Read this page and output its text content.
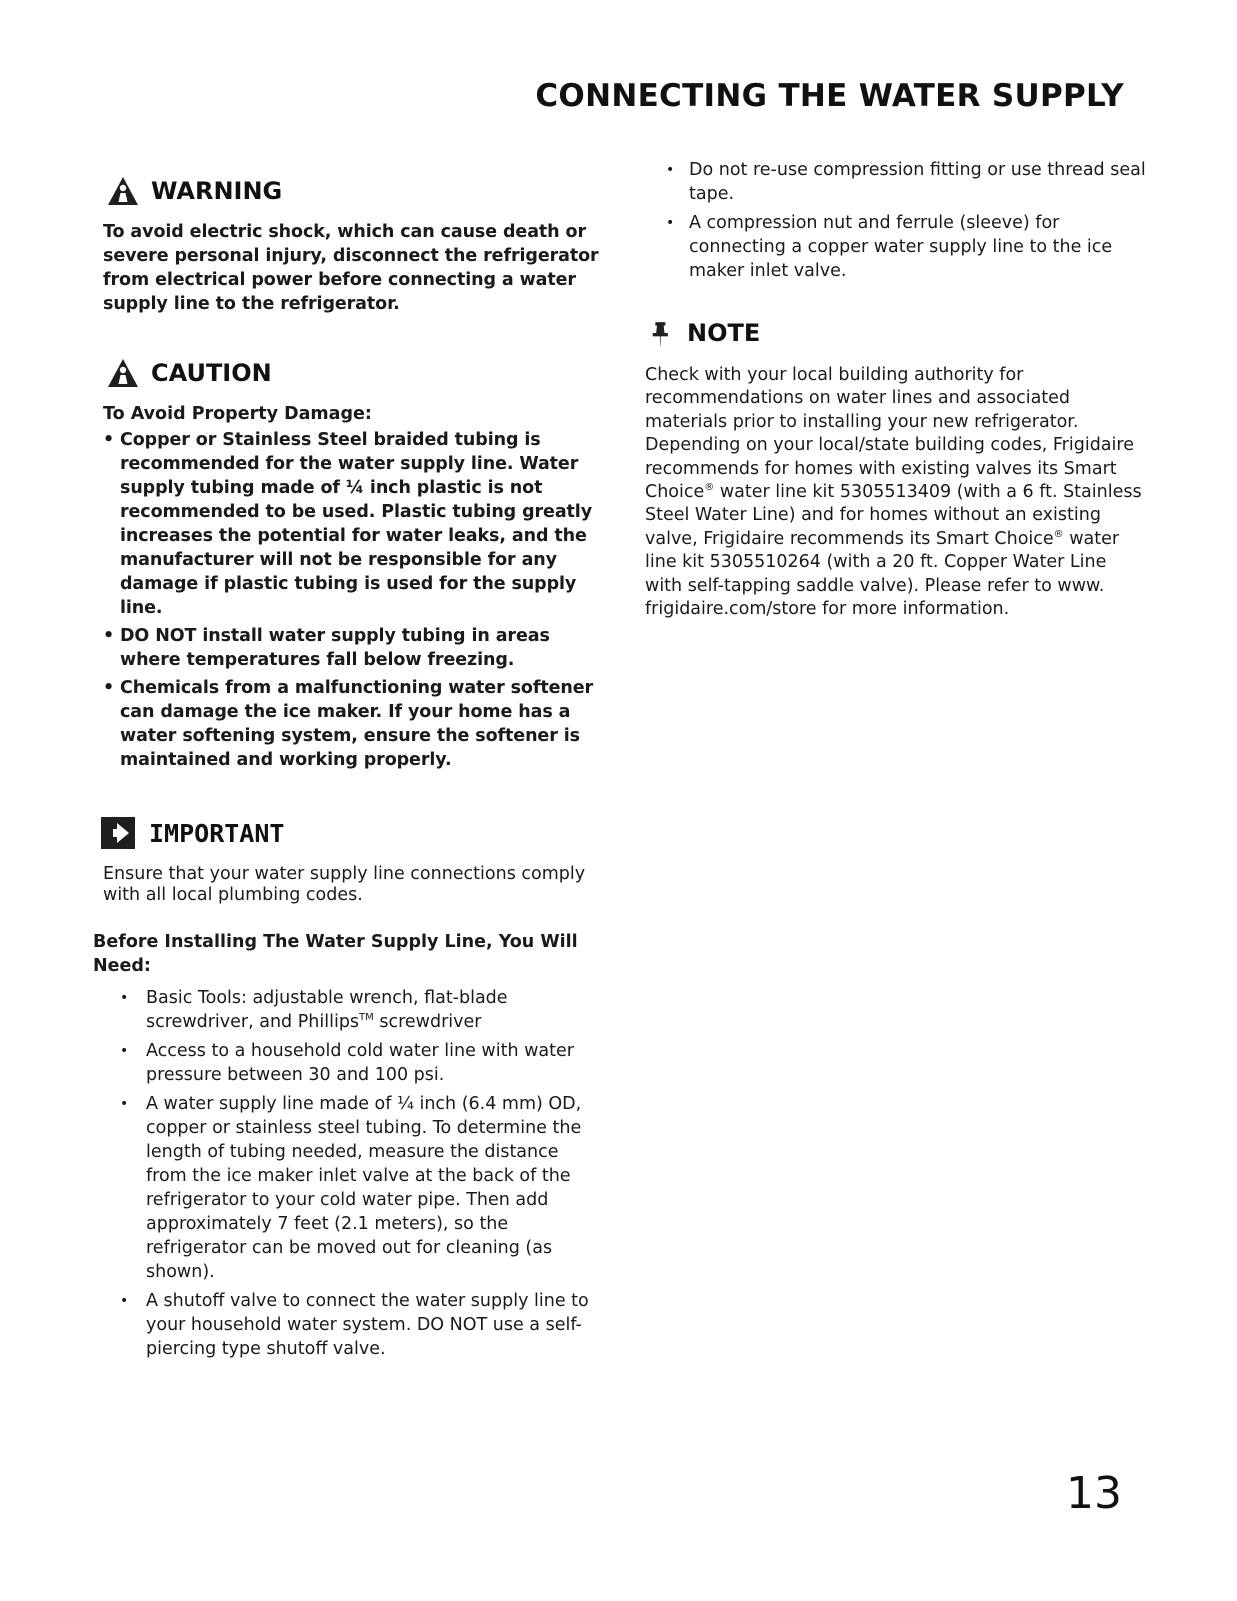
CONNECTING THE WATER SUPPLY
WARNING

To avoid electric shock, which can cause death or severe personal injury, disconnect the refrigerator from electrical power before connecting a water supply line to the refrigerator.

CAUTION
To Avoid Property Damage:
• Copper or Stainless Steel braided tubing is recommended for the water supply line. Water supply tubing made of ¼ inch plastic is not recommended to be used. Plastic tubing greatly increases the potential for water leaks, and the manufacturer will not be responsible for any damage if plastic tubing is used for the supply line.
• DO NOT install water supply tubing in areas where temperatures fall below freezing.
• Chemicals from a malfunctioning water softener can damage the ice maker. If your home has a water softening system, ensure the softener is maintained and working properly.
IMPORTANT

Ensure that your water supply line connections comply with all local plumbing codes.

Before Installing The Water Supply Line, You Will Need:

• Basic Tools: adjustable wrench, flat-blade screwdriver, and Phillips™ screwdriver
• Access to a household cold water line with water pressure between 30 and 100 psi.
• A water supply line made of ¼ inch (6.4 mm) OD, copper or stainless steel tubing. To determine the length of tubing needed, measure the distance from the ice maker inlet valve at the back of the refrigerator to your cold water pipe. Then add approximately 7 feet (2.1 meters), so the refrigerator can be moved out for cleaning (as shown).
• A shutoff valve to connect the water supply line to your household water system. DO NOT use a self-piercing type shutoff valve.
• Do not re-use compression fitting or use thread seal tape.
• A compression nut and ferrule (sleeve) for connecting a copper water supply line to the ice maker inlet valve.
NOTE

Check with your local building authority for recommendations on water lines and associated materials prior to installing your new refrigerator. Depending on your local/state building codes, Frigidaire recommends for homes with existing valves its Smart Choice® water line kit 5305513409 (with a 6 ft. Stainless Steel Water Line) and for homes without an existing valve, Frigidaire recommends its Smart Choice® water line kit 5305510264 (with a 20 ft. Copper Water Line with self-tapping saddle valve). Please refer to www. frigidaire.com/store for more information.

13
